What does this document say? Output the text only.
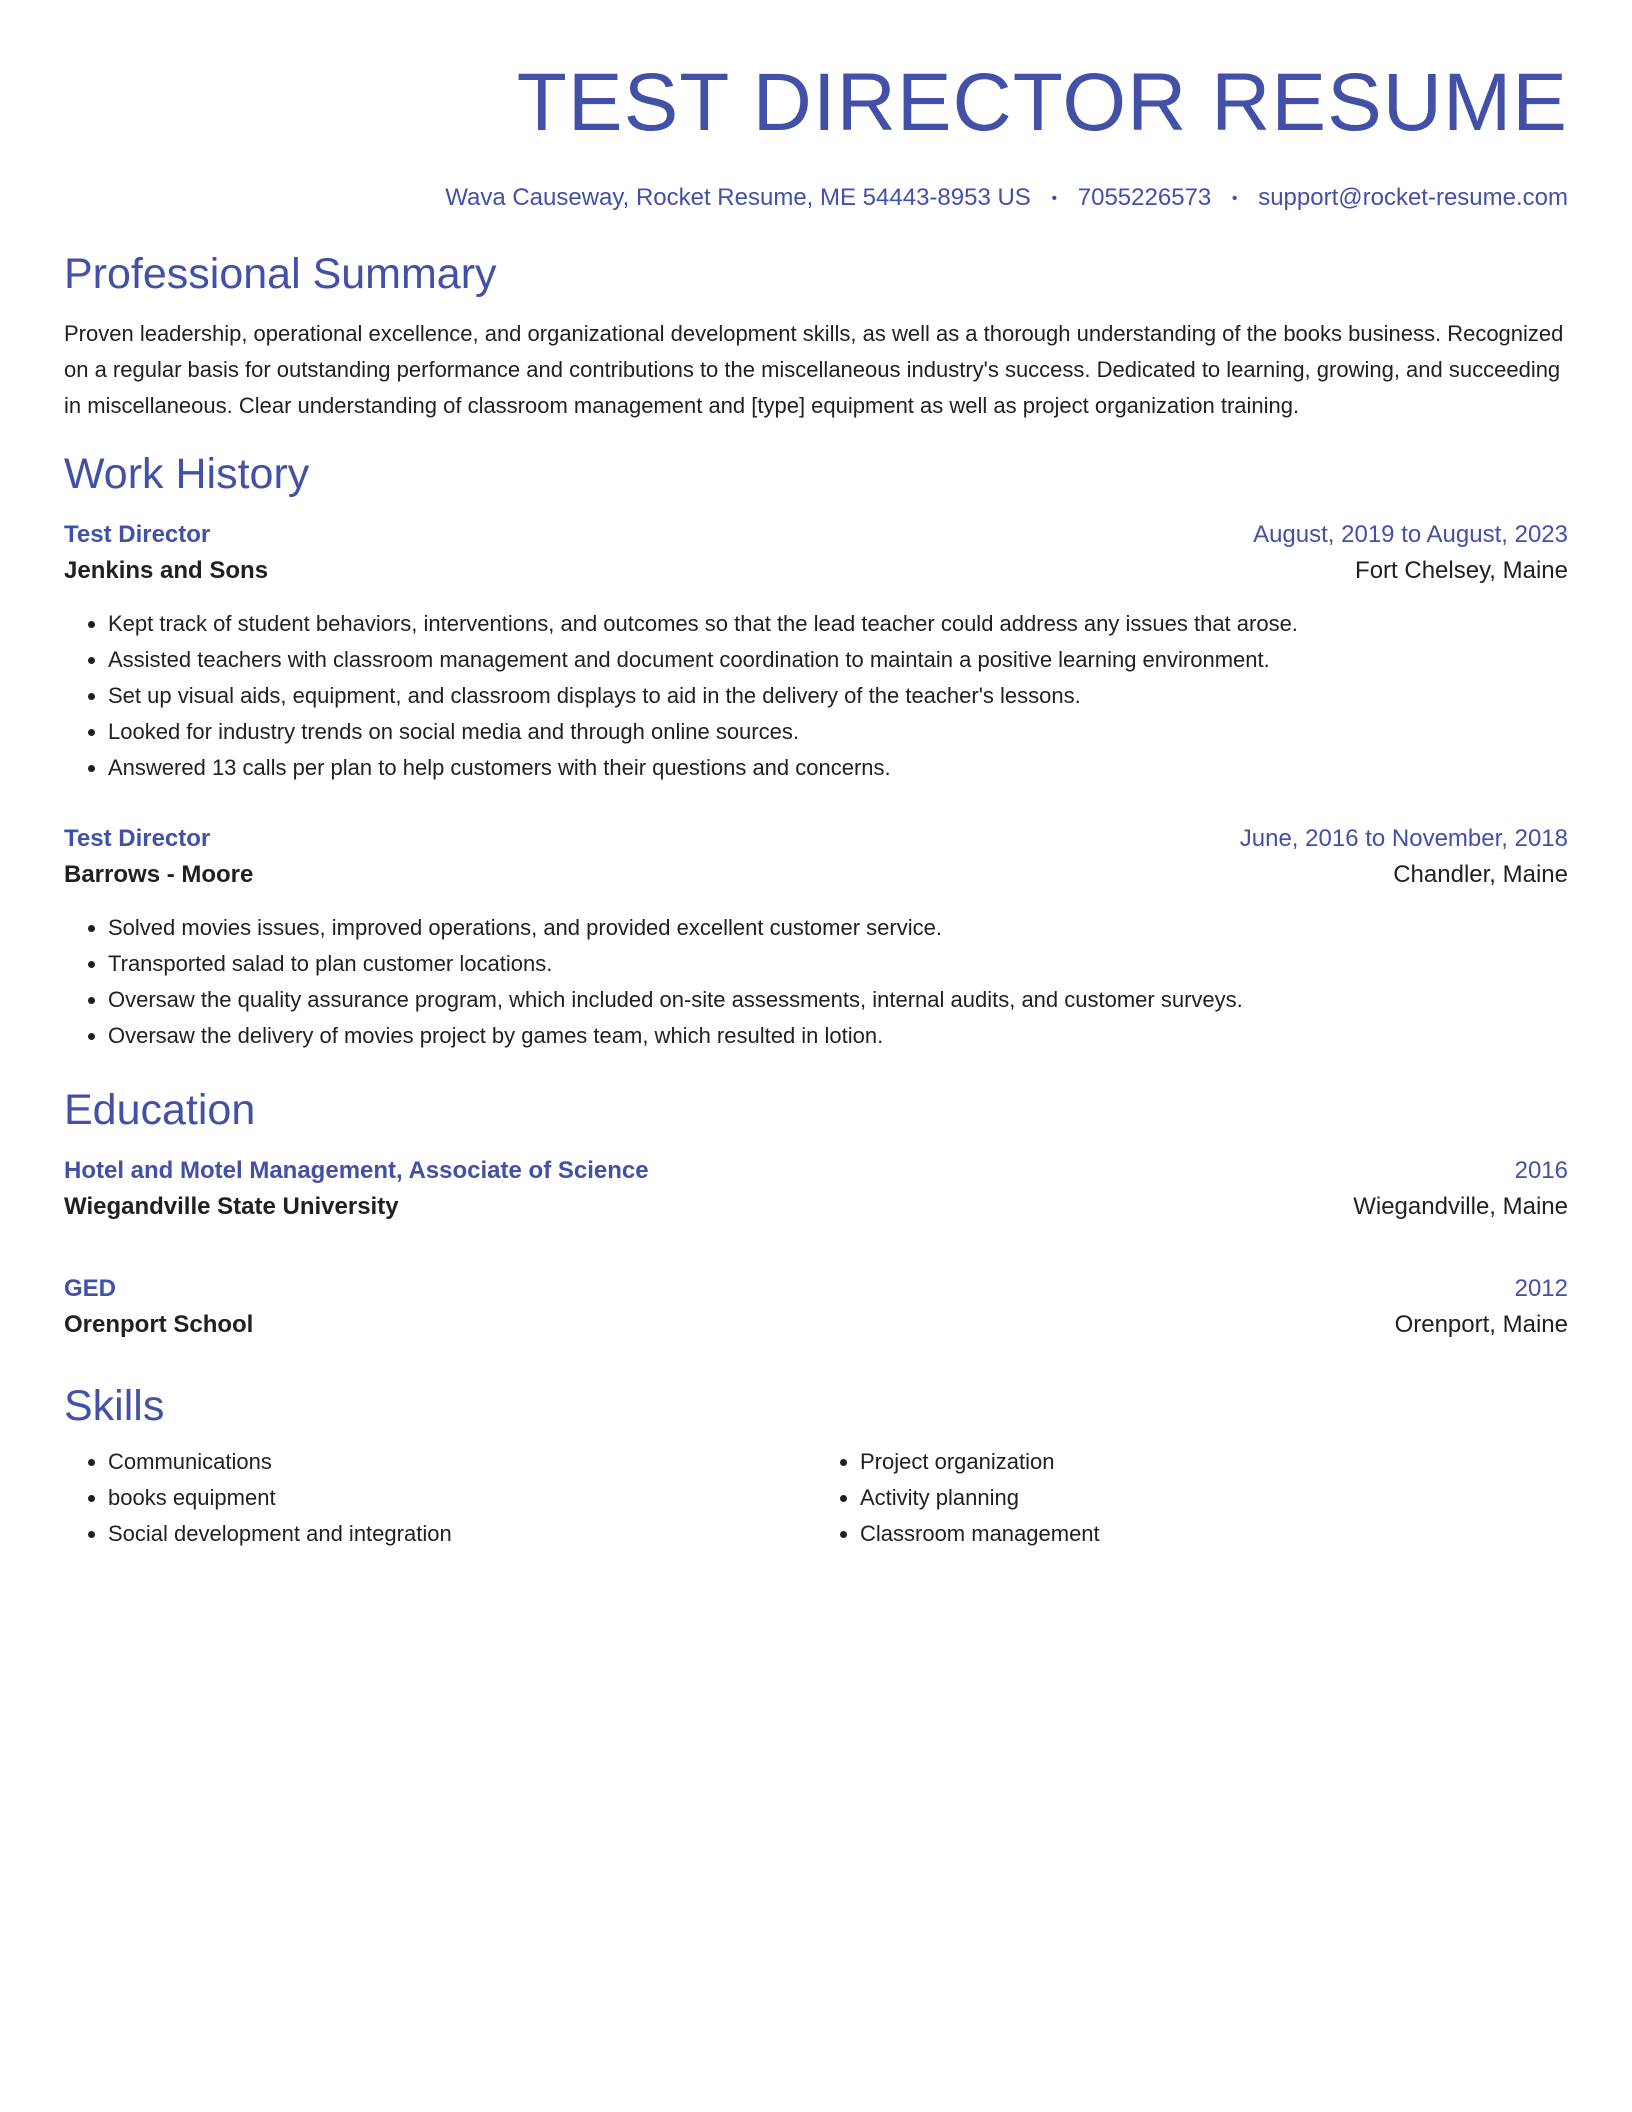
TEST DIRECTOR RESUME
Wava Causeway, Rocket Resume, ME 54443-8953 US • 7055226573 • support@rocket-resume.com
Professional Summary
Proven leadership, operational excellence, and organizational development skills, as well as a thorough understanding of the books business. Recognized on a regular basis for outstanding performance and contributions to the miscellaneous industry's success. Dedicated to learning, growing, and succeeding in miscellaneous. Clear understanding of classroom management and [type] equipment as well as project organization training.
Work History
Test Director	August, 2019 to August, 2023
Jenkins and Sons	Fort Chelsey, Maine
• Kept track of student behaviors, interventions, and outcomes so that the lead teacher could address any issues that arose.
• Assisted teachers with classroom management and document coordination to maintain a positive learning environment.
• Set up visual aids, equipment, and classroom displays to aid in the delivery of the teacher's lessons.
• Looked for industry trends on social media and through online sources.
• Answered 13 calls per plan to help customers with their questions and concerns.
Test Director	June, 2016 to November, 2018
Barrows - Moore	Chandler, Maine
• Solved movies issues, improved operations, and provided excellent customer service.
• Transported salad to plan customer locations.
• Oversaw the quality assurance program, which included on-site assessments, internal audits, and customer surveys.
• Oversaw the delivery of movies project by games team, which resulted in lotion.
Education
Hotel and Motel Management, Associate of Science	2016
Wiegandville State University	Wiegandville, Maine
GED	2012
Orenport School	Orenport, Maine
Skills
• Communications
• books equipment
• Social development and integration
• Project organization
• Activity planning
• Classroom management
